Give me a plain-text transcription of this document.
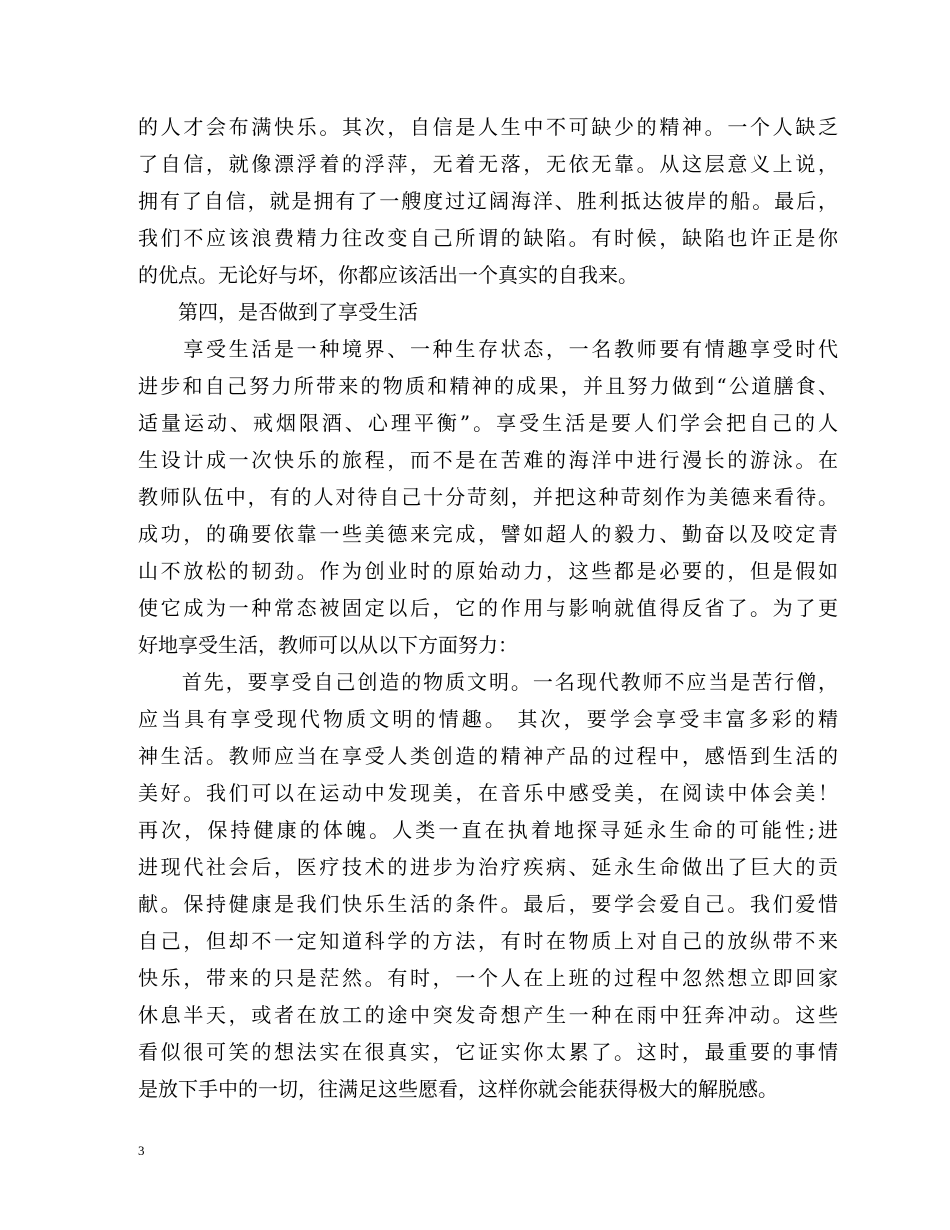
的人才会布满快乐。其次，自信是人生中不可缺少的精神。一个人缺乏
了自信，就像漂浮着的浮萍，无着无落，无依无靠。从这层意义上说，
拥有了自信，就是拥有了一艘度过辽阔海洋、胜利抵达彼岸的船。最后，
我们不应该浪费精力往改变自己所谓的缺陷。有时候，缺陷也许正是你
的优点。无论好与坏，你都应该活出一个真实的自我来。
　　第四，是否做到了享受生活
　　享受生活是一种境界、一种生存状态，一名教师要有情趣享受时代
进步和自己努力所带来的物质和精神的成果，并且努力做到“公道膳食、
适量运动、戒烟限酒、心理平衡”。享受生活是要人们学会把自己的人
生设计成一次快乐的旅程，而不是在苦难的海洋中进行漫长的游泳。在
教师队伍中，有的人对待自己十分苛刻，并把这种苛刻作为美德来看待。
成功，的确要依靠一些美德来完成，譬如超人的毅力、勤奋以及咬定青
山不放松的韧劲。作为创业时的原始动力，这些都是必要的，但是假如
使它成为一种常态被固定以后，它的作用与影响就值得反省了。为了更
好地享受生活，教师可以从以下方面努力：
　　首先，要享受自己创造的物质文明。一名现代教师不应当是苦行僧，
应当具有享受现代物质文明的情趣。 其次，要学会享受丰富多彩的精
神生活。教师应当在享受人类创造的精神产品的过程中，感悟到生活的
美好。我们可以在运动中发现美，在音乐中感受美，在阅读中体会美！
再次，保持健康的体魄。人类一直在执着地探寻延永生命的可能性;进
进现代社会后，医疗技术的进步为治疗疾病、延永生命做出了巨大的贡
献。保持健康是我们快乐生活的条件。最后，要学会爱自己。我们爱惜
自己，但却不一定知道科学的方法，有时在物质上对自己的放纵带不来
快乐，带来的只是茫然。有时，一个人在上班的过程中忽然想立即回家
休息半天，或者在放工的途中突发奇想产生一种在雨中狂奔冲动。这些
看似很可笑的想法实在很真实，它证实你太累了。这时，最重要的事情
是放下手中的一切，往满足这些愿看，这样你就会能获得极大的解脱感。
3
